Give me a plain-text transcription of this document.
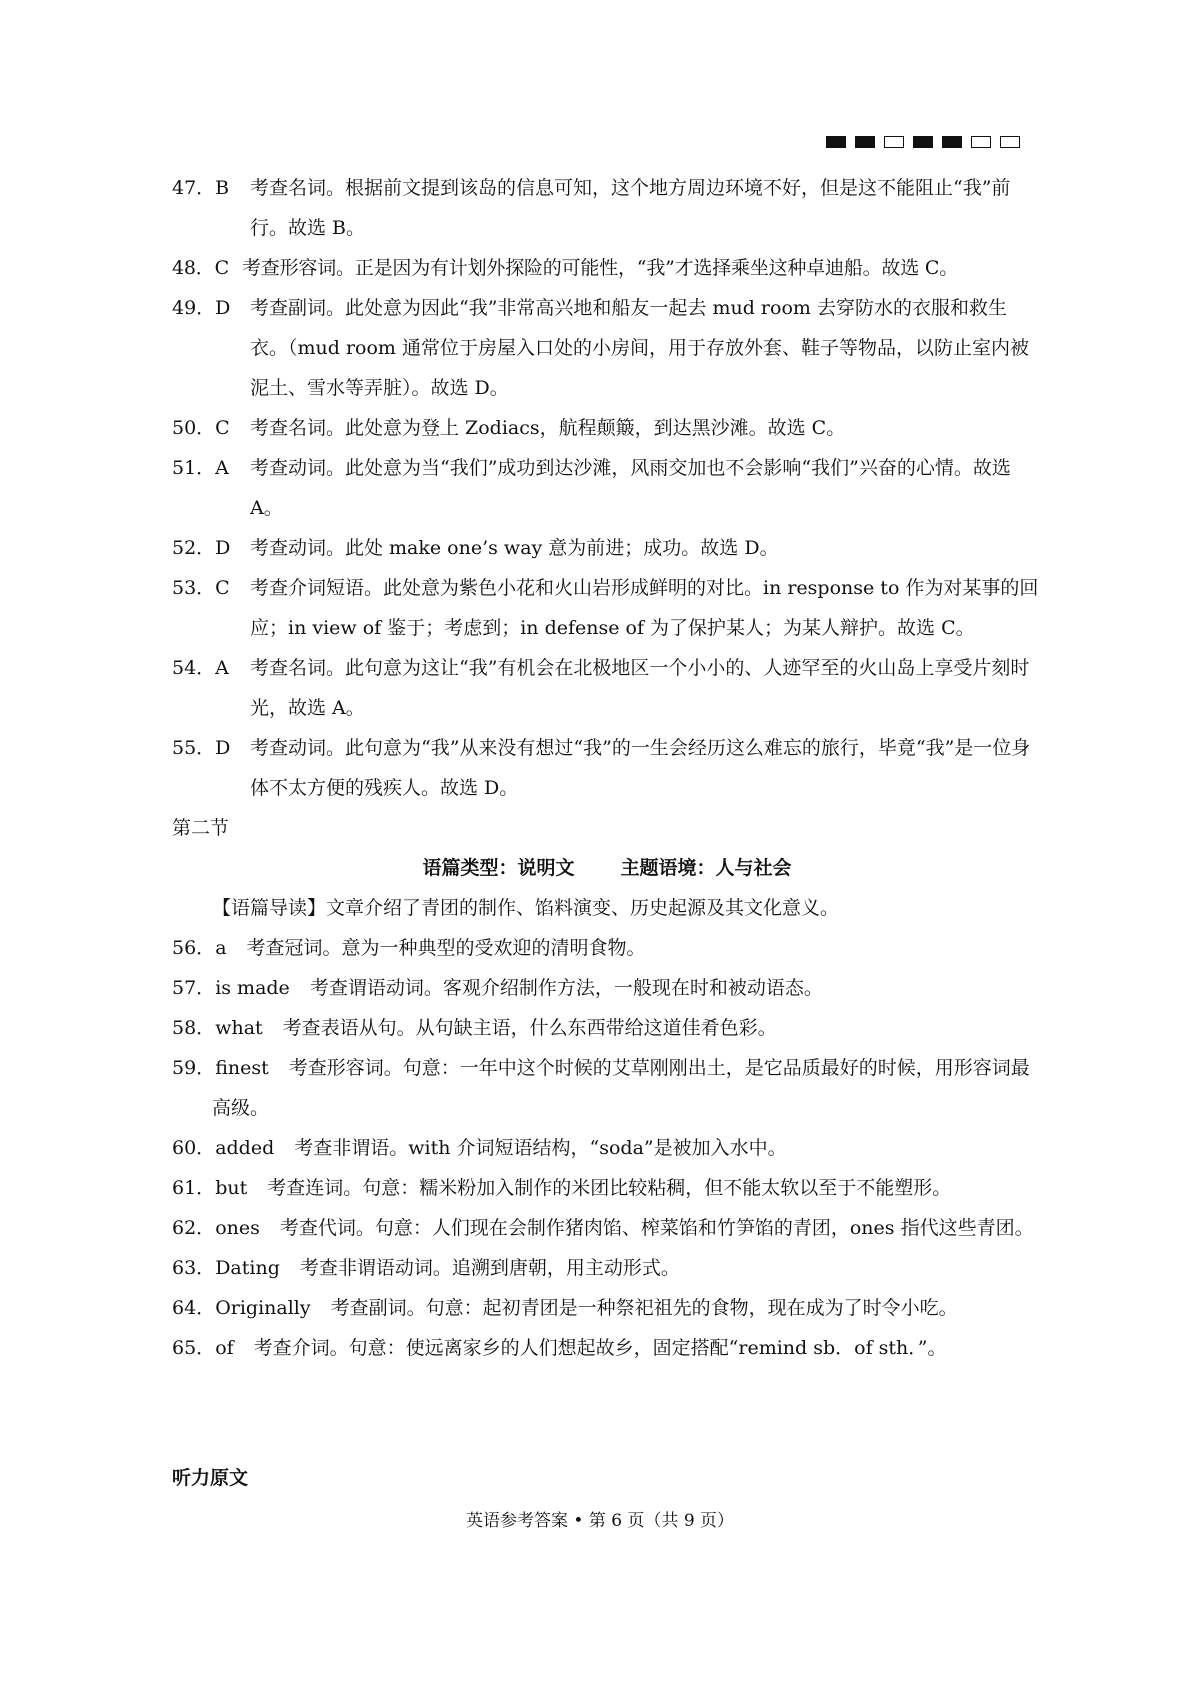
47．B 考查名词。根据前文提到该岛的信息可知，这个地方周边环境不好，但是这不能阻止“我”前行。故选 B。
48．C 考查形容词。正是因为有计划外探险的可能性，“我”才选择乘坐这种卓迪船。故选 C。
49．D 考查副词。此处意为因此“我”非常高兴地和船友一起去 mud room 去穿防水的衣服和救生衣。（mud room 通常位于房屋入口处的小房间，用于存放外套、鞋子等物品，以防止室内被泥土、雪水等弄脏）。故选 D。
50．C 考查名词。此处意为登上 Zodiacs，航程颠簸，到达黑沙滩。故选 C。
51．A 考查动词。此处意为当“我们”成功到达沙滩，风雨交加也不会影响“我们”兴奋的心情。故选 A。
52．D 考查动词。此处 make one’s way 意为前进；成功。故选 D。
53．C 考查介词短语。此处意为紫色小花和火山岩形成鲜明的对比。in response to 作为对某事的回应；in view of 鉴于；考虑到；in defense of 为了保护某人；为某人辩护。故选 C。
54．A 考查名词。此句意为这让“我”有机会在北极地区一个小小的、人迹罕至的火山岛上享受片刻时光，故选 A。
55．D 考查动词。此句意为“我”从来没有想过“我”的一生会经历这么难忘的旅行，毕竟“我”是一位身体不太方便的残疾人。故选 D。
第二节
语篇类型：说明文 主题语境：人与社会
【语篇导读】文章介绍了青团的制作、馅料演变、历史起源及其文化意义。
56．a 考查冠词。意为一种典型的受欢迎的清明食物。
57．is made 考查谓语动词。客观介绍制作方法，一般现在时和被动语态。
58．what 考查表语从句。从句缺主语，什么东西带给这道佳肴色彩。
59．finest 考查形容词。句意：一年中这个时候的艾草刚刚出土，是它品质最好的时候，用形容词最高级。
60．added 考查非谓语。with 介词短语结构，“soda”是被加入水中。
61．but 考查连词。句意：糯米粉加入制作的米团比较粘稠，但不能太软以至于不能塑形。
62．ones 考查代词。句意：人们现在会制作猪肉馅、榨菜馅和竹笋馅的青团，ones 指代这些青团。
63．Dating 考查非谓语动词。追溯到唐朝，用主动形式。
64．Originally 考查副词。句意：起初青团是一种祭祀祖先的食物，现在成为了时令小吃。
65．of 考查介词。句意：使远离家乡的人们想起故乡，固定搭配“remind sb．of sth．”。
听力原文
英语参考答案 • 第 6 页（共 9 页）
